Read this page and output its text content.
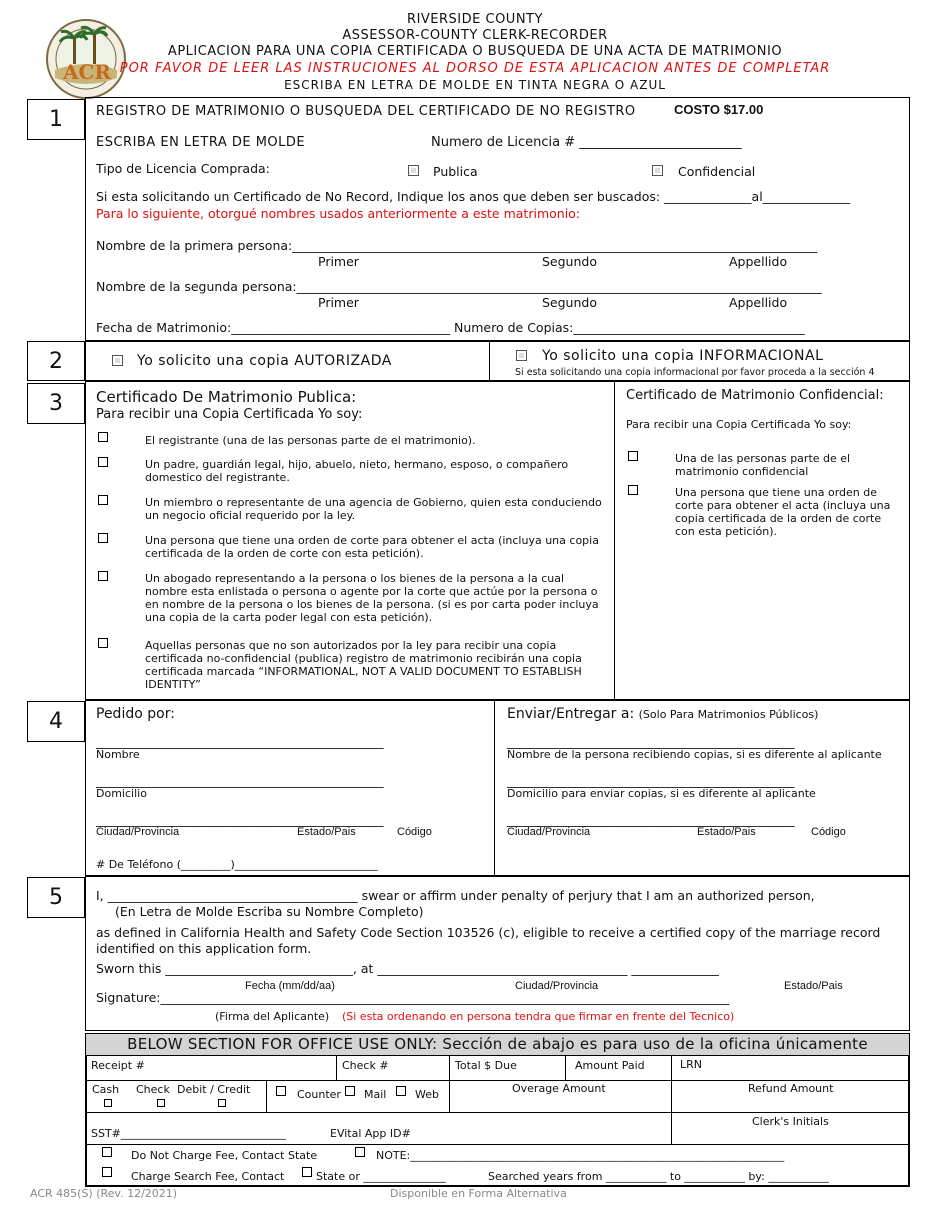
ACR
RIVERSIDE COUNTY
ASSESSOR-COUNTY CLERK-RECORDER
APLICACION PARA UNA COPIA CERTIFICADA O BUSQUEDA DE UNA ACTA DE MATRIMONIO
POR FAVOR DE LEER LAS INSTRUCIONES AL DORSO DE ESTA APLICACION ANTES DE COMPLETAR
ESCRIBA EN LETRA DE MOLDE EN TINTA NEGRA O AZUL
1	REGISTRO DE MATRIMONIO O BUSQUEDA DEL CERTIFICADO DE NO REGISTRO	COSTO $17.00
ESCRIBA EN LETRA DE MOLDE	Numero de Licencia # _________________________
Tipo de Licencia Comprada:	Publica	Confidencial
Si esta solicitando un Certificado de No Record, Indique los anos que deben ser buscados: ______________al______________
Para lo siguiente, otorgué nombres usados anteriormente a este matrimonio:
Nombre de la primera persona:____________________________________________________________________________________
Primer	Segundo	Appellido
Nombre de la segunda persona:____________________________________________________________________________________
Primer	Segundo	Appellido
Fecha de Matrimonio:___________________________________ Numero de Copias:_____________________________________
2	Yo solicito una copia AUTORIZADA	Yo solicito una copia INFORMACIONAL
Si esta solicitando una copia informacional por favor proceda a la sección 4
3	Certificado De Matrimonio Publica:
Para recibir una Copia Certificada Yo soy:
El registrante (una de las personas parte de el matrimonio).
Un padre, guardián legal, hijo, abuelo, nieto, hermano, esposo, o compañero domestico del registrante.
Un miembro o representante de una agencia de Gobierno, quien esta conduciendo un negocio oficial requerido por la ley.
Una persona que tiene una orden de corte para obtener el acta (incluya una copia certificada de la orden de corte con esta petición).
Un abogado representando a la persona o los bienes de la persona a la cual nombre esta enlistada o persona o agente por la corte que actúe por la persona o en nombre de la persona o los bienes de la persona. (si es por carta poder incluya una copia de la carta poder legal con esta petición).
Aquellas personas que no son autorizados por la ley para recibir una copia certificada no-confidencial (publica) registro de matrimonio recibirán una copia certificada marcada “INFORMATIONAL, NOT A VALID DOCUMENT TO ESTABLISH IDENTITY”
Certificado de Matrimonio Confidencial:
Para recibir una Copia Certificada Yo soy:
Una de las personas parte de el matrimonio confidencial
Una persona que tiene una orden de corte para obtener el acta (incluya una copia certificada de la orden de corte con esta petición).
4	Pedido por:
______________________________________________
Nombre
______________________________________________
Domicilio
______________________________________________
Ciudad/Provincia	Estado/Pais	Código
# De Teléfono (_________)__________________________
Enviar/Entregar a: (Solo Para Matrimonios Públicos)
______________________________________________
Nombre de la persona recibiendo copias, si es diferente al aplicante
______________________________________________
Domicilio para enviar copias, si es diferente al aplicante
______________________________________________
Ciudad/Provincia	Estado/Pais	Código
5	I, ________________________________________ swear or affirm under penalty of perjury that I am an authorized person,
(En Letra de Molde Escriba su Nombre Completo)
as defined in California Health and Safety Code Section 103526 (c), eligible to receive a certified copy of the marriage record
identified on this application form.
Sworn this ______________________________, at ________________________________________ ______________
Fecha (mm/dd/aa)	Ciudad/Provincia	Estado/Pais
Signature:___________________________________________________________________________________________
(Firma del Aplicante) (Si esta ordenando en persona tendra que firmar en frente del Tecnico)
BELOW SECTION FOR OFFICE USE ONLY: Sección de abajo es para uso de la oficina únicamente
Receipt #	Check #	Total $ Due	Amount Paid	LRN
Cash Check Debit / Credit	Counter Mail	Web	Overage Amount	Refund Amount
SST#______________________________	EVital App ID#
Clerk's Initials
Do Not Charge Fee, Contact State	NOTE:____________________________________________________________________
Charge Search Fee, Contact	State or _______________	Searched years from ___________ to ___________ by: ___________
ACR 485(S) (Rev. 12/2021)	Disponible en Forma Alternativa
